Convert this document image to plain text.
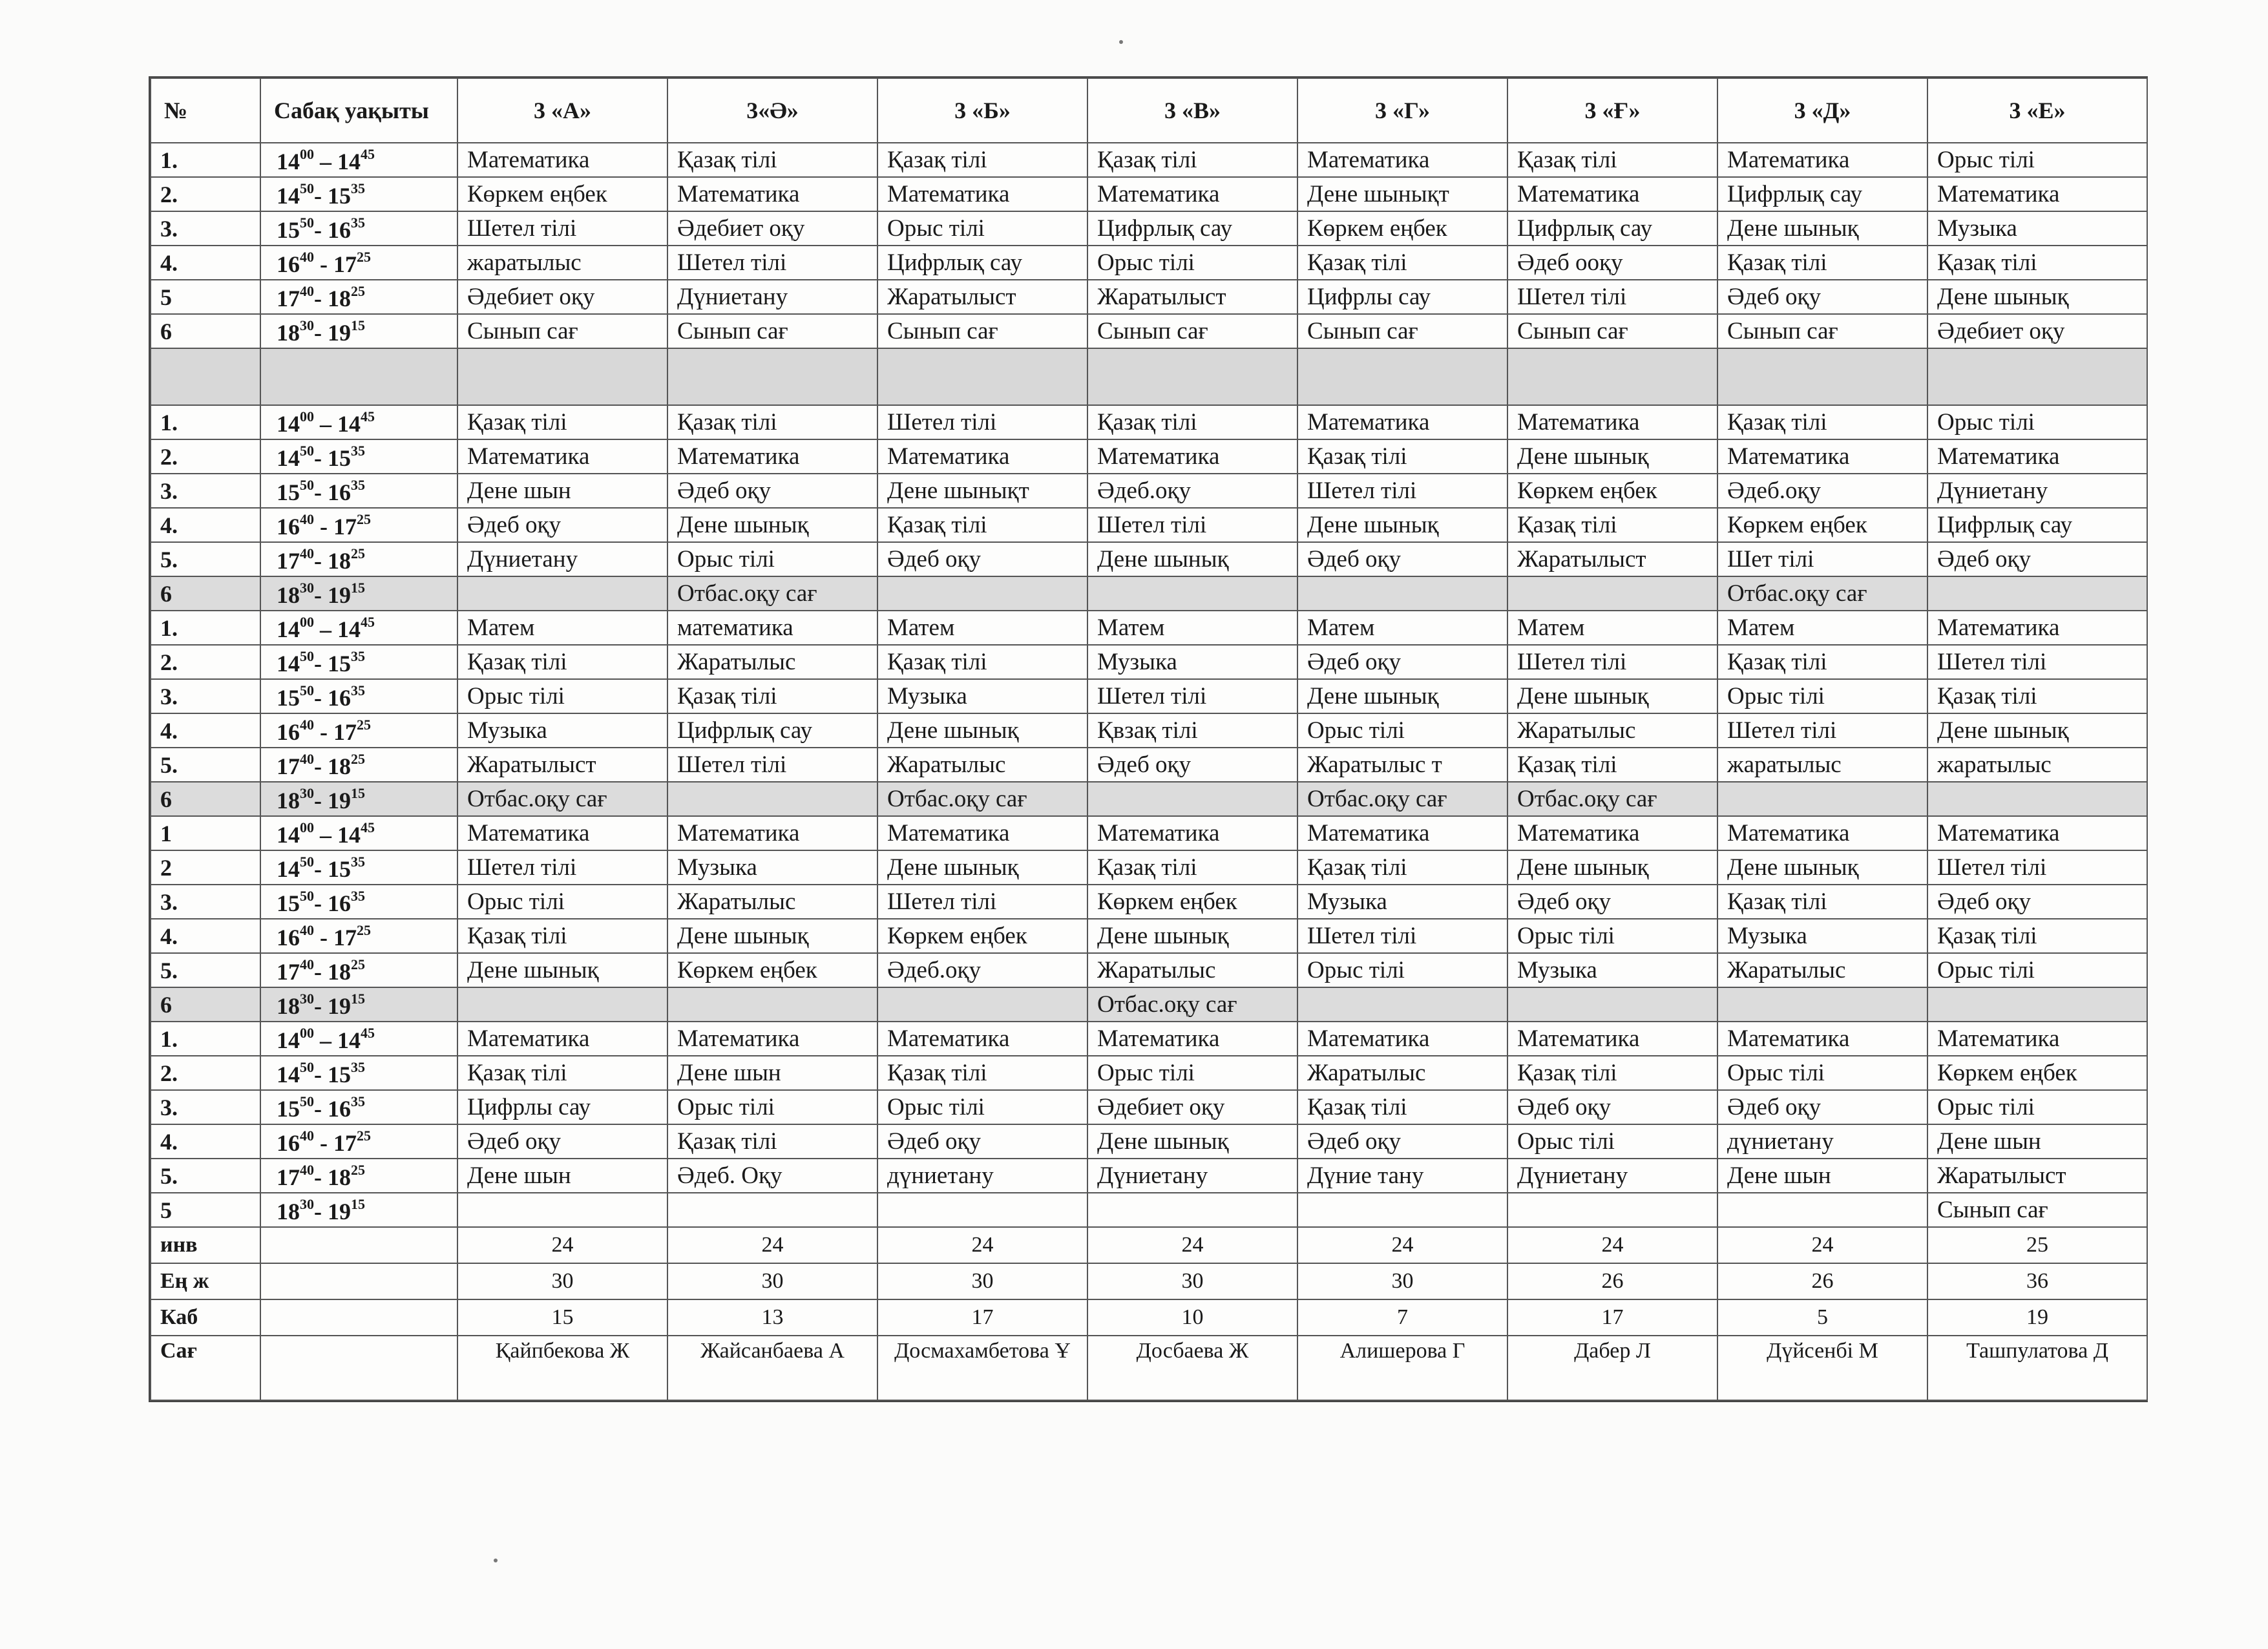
№	Сабақ уақыты	3 «А»	3«Ә»	3 «Б»	3 «В»	3 «Г»	3 «Ғ»	3 «Д»	3 «Е»
1.	$14^{00} - 14^{45}$	Математика	Қазақ тілі	Қазақ тілі	Қазақ тілі	Математика	Қазақ тілі	Математика	Орыс тілі
2.	$14^{50}-$ $15^{35}$	Көркем еңбек	Математика	Математика	Математика	Дене шынықт	Математика	Цифрлық сау	Математика
3.	$15^{50}-$ $16^{35}$	Шетел тілі	Әдебиет оқу	Орыс тілі	Цифрлық сау	Көркем еңбек	Цифрлық сау	Дене шынық	Музыка
4.	$16^{40} - 17^{25}$	жаратылыс	Шетел тілі	Цифрлық сау	Орыс тілі	Қазақ тілі	Әдеб ооқу	Қазақ тілі	Қазақ тілі
5	$17^{40}-$ $18^{25}$	Әдебиет оқу	Дүниетану	Жаратылыст	Жаратылыст	Цифрлы сау	Шетел тілі	Әдеб оқу	Дене шынық
6	$18^{30}-$ $19^{15}$	Сынып сағ	Сынып сағ	Сынып сағ	Сынып сағ	Сынып сағ	Сынып сағ	Сынып сағ	Әдебиет оқу

1.	$14^{00} - 14^{45}$	Қазақ тілі	Қазақ тілі	Шетел тілі	Қазақ тілі	Математика	Математика	Қазақ тілі	Орыс тілі
2.	$14^{50}-$ $15^{35}$	Математика	Математика	Математика	Математика	Қазақ тілі	Дене шынық	Математика	Математика
3.	$15^{50}-$ $16^{35}$	Дене шын	Әдеб оқу	Дене шынықт	Әдеб.оқу	Шетел тілі	Көркем еңбек	Әдеб.оқу	Дүниетану
4.	$16^{40} - 17^{25}$	Әдеб оқу	Дене шынық	Қазақ тілі	Шетел тілі	Дене шынық	Қазақ тілі	Көркем еңбек	Цифрлық сау
5.	$17^{40}-$ $18^{25}$	Дүниетану	Орыс тілі	Әдеб оқу	Дене шынық	Әдеб оқу	Жаратылыст	Шет тілі	Әдеб оқу
6	$18^{30}-$ $19^{15}$		Отбас.оқу сағ					Отбас.оқу сағ	
1.	$14^{00} - 14^{45}$	Матем	математика	Матем	Матем	Матем	Матем	Матем	Математика
2.	$14^{50}-$ $15^{35}$	Қазақ тілі	Жаратылыс	Қазақ тілі	Музыка	Әдеб оқу	Шетел тілі	Қазақ тілі	Шетел тілі
3.	$15^{50}-$ $16^{35}$	Орыс тілі	Қазақ тілі	Музыка	Шетел тілі	Дене шынық	Дене шынық	Орыс тілі	Қазақ тілі
4.	$16^{40} - 17^{25}$	Музыка	Цифрлық сау	Дене шынық	Қвзақ тілі	Орыс тілі	Жаратылыс	Шетел тілі	Дене шынық
5.	$17^{40}-$ $18^{25}$	Жаратылыст	Шетел тілі	Жаратылыс	Әдеб оқу	Жаратылыс т	Қазақ тілі	жаратылыс	жаратылыс
6	$18^{30}-$ $19^{15}$	Отбас.оқу сағ		Отбас.оқу сағ		Отбас.оқу сағ	Отбас.оқу сағ		
1	$14^{00} - 14^{45}$	Математика	Математика	Математика	Математика	Математика	Математика	Математика	Математика
2	$14^{50}-$ $15^{35}$	Шетел тілі	Музыка	Дене шынық	Қазақ тілі	Қазақ тілі	Дене шынық	Дене шынық	Шетел тілі
3.	$15^{50}-$ $16^{35}$	Орыс тілі	Жаратылыс	Шетел тілі	Көркем еңбек	Музыка	Әдеб оқу	Қазақ тілі	Әдеб оқу
4.	$16^{40} - 17^{25}$	Қазақ тілі	Дене шынық	Көркем еңбек	Дене шынық	Шетел тілі	Орыс тілі	Музыка	Қазақ тілі
5.	$17^{40}-$ $18^{25}$	Дене шынық	Көркем еңбек	Әдеб.оқу	Жаратылыс	Орыс тілі	Музыка	Жаратылыс	Орыс тілі
6	$18^{30}-$ $19^{15}$				Отбас.оқу сағ				
1.	$14^{00} - 14^{45}$	Математика	Математика	Математика	Математика	Математика	Математика	Математика	Математика
2.	$14^{50}-$ $15^{35}$	Қазақ тілі	Дене шын	Қазақ тілі	Орыс тілі	Жаратылыс	Қазақ тілі	Орыс тілі	Көркем еңбек
3.	$15^{50}-$ $16^{35}$	Цифрлы сау	Орыс тілі	Орыс тілі	Әдебиет оқу	Қазақ тілі	Әдеб оқу	Әдеб оқу	Орыс тілі
4.	$16^{40} - 17^{25}$	Әдеб оқу	Қазақ тілі	Әдеб оқу	Дене шынық	Әдеб оқу	Орыс тілі	дүниетану	Дене шын
5.	$17^{40}-$ $18^{25}$	Дене шын	Әдеб. Оқу	дүниетану	Дүниетану	Дүние тану	Дүниетану	Дене шын	Жаратылыст
5	$18^{30}-$ $19^{15}$								Сынып сағ
инв		24	24	24	24	24	24	24	25
Ең ж		30	30	30	30	30	26	26	36
Каб		15	13	17	10	7	17	5	19
Сағ		Қайпбекова Ж	Жайсанбаева А	Досмахамбетова Ұ	Досбаева Ж	Алишерова Г	Дабер Л	Дүйсенбі М	Ташпулатова Д
